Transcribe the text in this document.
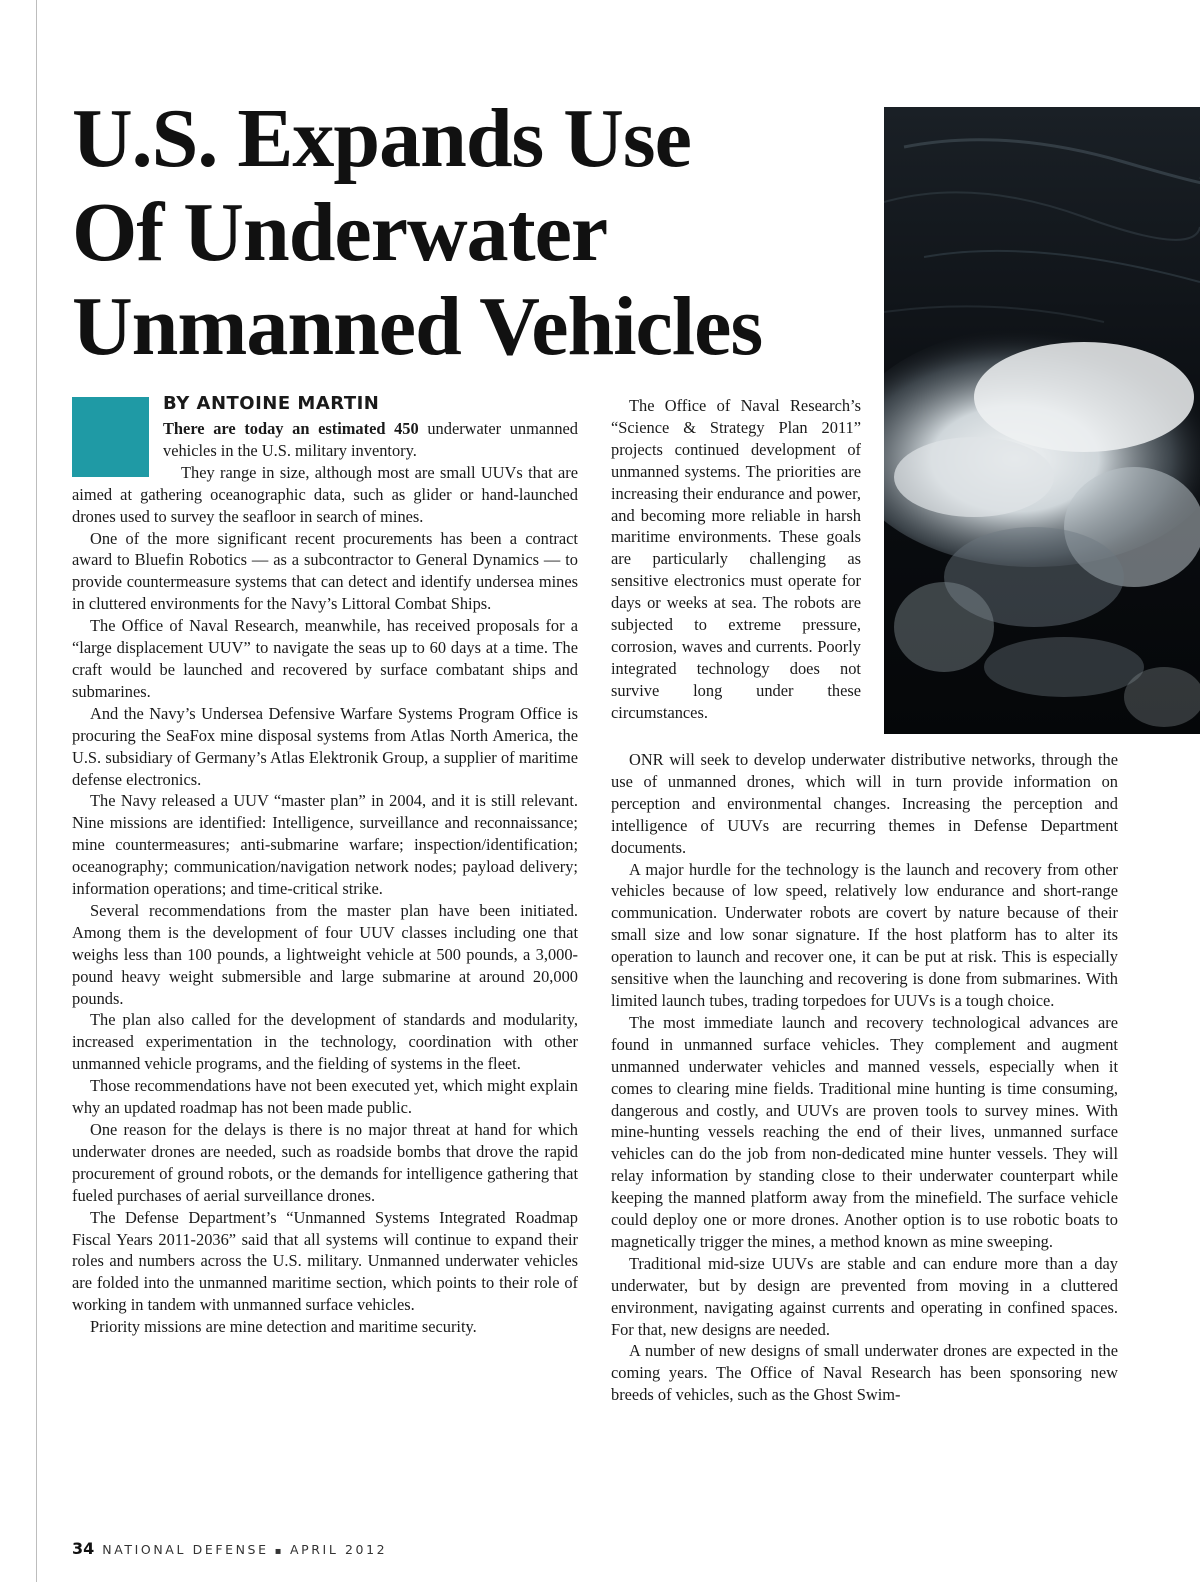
U.S. Expands Use
Of Underwater
Unmanned Vehicles
BY ANTOINE MARTIN

There are today an estimated 450 underwater unmanned vehicles in the U.S. military inventory.

They range in size, although most are small UUVs that are aimed at gathering oceanographic data, such as glider or hand-launched drones used to survey the seafloor in search of mines.

One of the more significant recent procurements has been a contract award to Bluefin Robotics — as a subcontractor to General Dynamics — to provide countermeasure systems that can detect and identify undersea mines in cluttered environments for the Navy’s Littoral Combat Ships.

The Office of Naval Research, meanwhile, has received proposals for a “large displacement UUV” to navigate the seas up to 60 days at a time. The craft would be launched and recovered by surface combatant ships and submarines.

And the Navy’s Undersea Defensive Warfare Systems Program Office is procuring the SeaFox mine disposal systems from Atlas North America, the U.S. subsidiary of Germany’s Atlas Elektronik Group, a supplier of maritime defense electronics.

The Navy released a UUV “master plan” in 2004, and it is still relevant. Nine missions are identified: Intelligence, surveillance and reconnaissance; mine countermeasures; anti-submarine warfare; inspection/identification; oceanography; communication/navigation network nodes; payload delivery; information operations; and time-critical strike.

Several recommendations from the master plan have been initiated. Among them is the development of four UUV classes including one that weighs less than 100 pounds, a lightweight vehicle at 500 pounds, a 3,000-pound heavy weight submersible and large submarine at around 20,000 pounds.

The plan also called for the development of standards and modularity, increased experimentation in the technology, coordination with other unmanned vehicle programs, and the fielding of systems in the fleet.

Those recommendations have not been executed yet, which might explain why an updated roadmap has not been made public.

One reason for the delays is there is no major threat at hand for which underwater drones are needed, such as roadside bombs that drove the rapid procurement of ground robots, or the demands for intelligence gathering that fueled purchases of aerial surveillance drones.

The Defense Department’s “Unmanned Systems Integrated Roadmap Fiscal Years 2011-2036” said that all systems will continue to expand their roles and numbers across the U.S. military. Unmanned underwater vehicles are folded into the unmanned maritime section, which points to their role of working in tandem with unmanned surface vehicles.

Priority missions are mine detection and maritime security.

The Office of Naval Research’s “Science & Strategy Plan 2011” projects continued development of unmanned systems. The priorities are increasing their endurance and power, and becoming more reliable in harsh maritime environments. These goals are particularly challenging as sensitive electronics must operate for days or weeks at sea. The robots are subjected to extreme pressure, corrosion, waves and currents. Poorly integrated technology does not survive long under these circumstances.

ONR will seek to develop underwater distributive networks, through the use of unmanned drones, which will in turn provide information on perception and environmental changes. Increasing the perception and intelligence of UUVs are recurring themes in Defense Department documents.

A major hurdle for the technology is the launch and recovery from other vehicles because of low speed, relatively low endurance and short-range communication. Underwater robots are covert by nature because of their small size and low sonar signature. If the host platform has to alter its operation to launch and recover one, it can be put at risk. This is especially sensitive when the launching and recovering is done from submarines. With limited launch tubes, trading torpedoes for UUVs is a tough choice.

The most immediate launch and recovery technological advances are found in unmanned surface vehicles. They complement and augment unmanned underwater vehicles and manned vessels, especially when it comes to clearing mine fields. Traditional mine hunting is time consuming, dangerous and costly, and UUVs are proven tools to survey mines. With mine-hunting vessels reaching the end of their lives, unmanned surface vehicles can do the job from non-dedicated mine hunter vessels. They will relay information by standing close to their underwater counterpart while keeping the manned platform away from the minefield. The surface vehicle could deploy one or more drones. Another option is to use robotic boats to magnetically trigger the mines, a method known as mine sweeping.

Traditional mid-size UUVs are stable and can endure more than a day underwater, but by design are prevented from moving in a cluttered environment, navigating against currents and operating in confined spaces. For that, new designs are needed.

A number of new designs of small underwater drones are expected in the coming years. The Office of Naval Research has been sponsoring new breeds of vehicles, such as the Ghost Swim-

34 NATIONAL DEFENSE ▪ APRIL 2012
